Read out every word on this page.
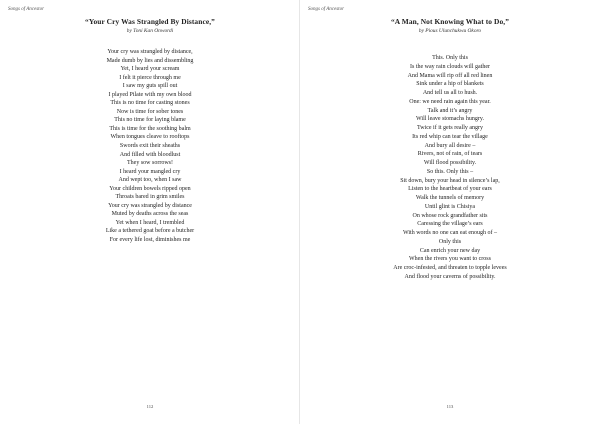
Songs of Ancestor
“Your Cry Was Strangled By Distance,”
by Toni Kan Onwordi
Your cry was strangled by distance,
Made dumb by lies and dissembling
Yet, I heard your scream
I felt it pierce through me
I saw my guts spill out
I played Pilate with my own blood
This is no time for casting stones
Now is time for sober tones
This no time for laying blame
This is time for the soothing balm
When tongues cleave to rooftops
Swords exit their sheaths
And filled with bloodlust
They sow sorrows!
I heard your mangled cry
And wept too, when I saw
Your children bowels ripped open
Throats bared in grim smiles
Your cry was strangled by distance
Muted by deaths across the seas
Yet when I heard, I trembled
Like a tethered goat before a butcher
For every life lost, diminishes me
112
Songs of Ancestor
“A Man, Not Knowing What to Do,”
by Pious Ulunchukwu Okoro
This. Only this
Is the way rain clouds will gather
And Mama will rip off all red linen
Sink under a hip of blankets
And tell us all to hush.
One: we need rain again this year.
Talk and it’s angry
Will leave stomachs hungry.
Twice if it gets really angry
Its red whip can tear the village
And bury all desire –
Rivers, not of rain, of tears
Will flood possibility.
So this. Only this –
Sit down, bury your head in silence’s lap,
Listen to the heartbeat of your ears
Walk the tunnels of memory
Until glint is Chisiya
On whose rock grandfather sits
Caressing the village’s ears
With words no one can eat enough of –
Only this
Can enrich your new day
When the rivers you want to cross
Are croc-infested, and threaten to topple levees
And flood your caverns of possibility.
113
